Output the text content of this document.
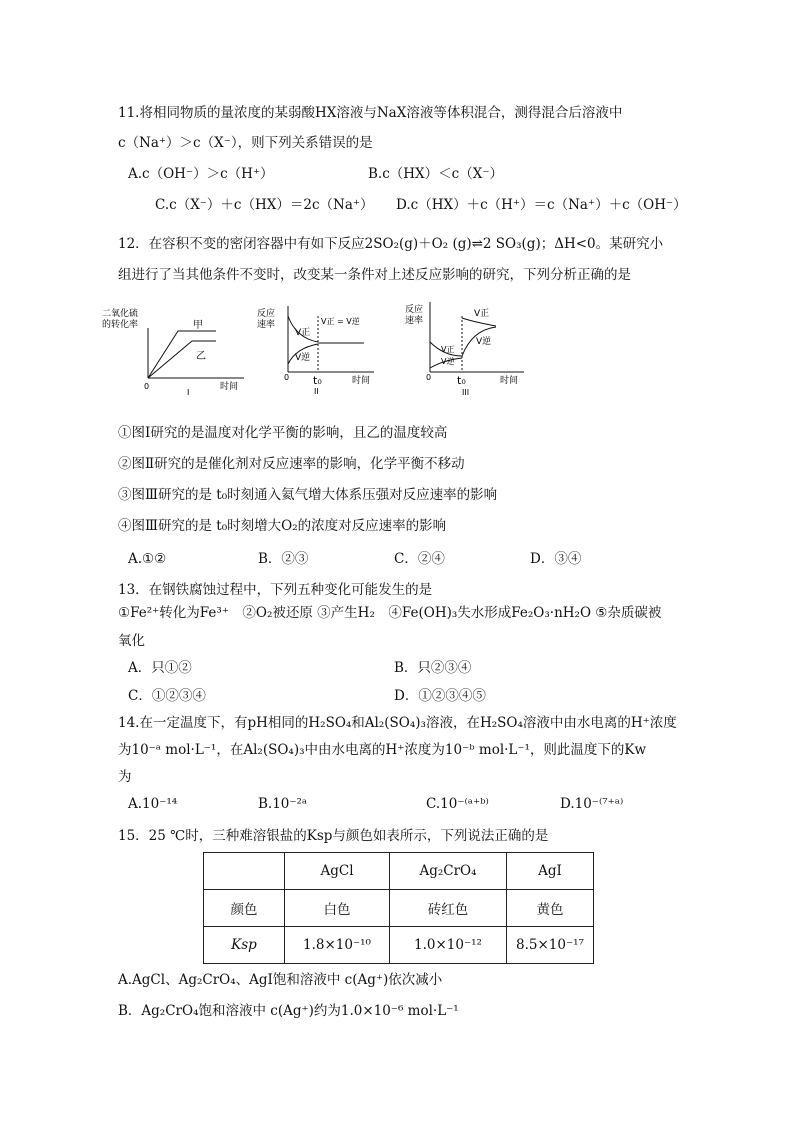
11.将相同物质的量浓度的某弱酸HX溶液与NaX溶液等体积混合，测得混合后溶液中
c（Na⁺）＞c（X⁻），则下列关系错误的是
A.c（OH⁻）＞c（H⁺）	B.c（HX）＜c（X⁻）
C.c（X⁻）＋c（HX）＝2c（Na⁺） D.c（HX）＋c（H⁺）＝c（Na⁺）＋c（OH⁻）
12．在容积不变的密闭容器中有如下反应2SO₂(g)＋O₂ (g)⇌2 SO₃(g)；ΔH<0。某研究小
组进行了当其他条件不变时，改变某一条件对上述反应影响的研究，下列分析正确的是
二氧化硫
的转化率	甲
乙
0	时间
I
反应
速率
V正
V逆
V正 = V逆
0 t₀	时间
II
反应
速率
V正
V逆
V正
V逆
0 t₀	时间
III
①图Ⅰ研究的是温度对化学平衡的影响，且乙的温度较高
②图Ⅱ研究的是催化剂对反应速率的影响，化学平衡不移动
③图Ⅲ研究的是 t₀时刻通入氦气增大体系压强对反应速率的影响
④图Ⅲ研究的是 t₀时刻增大O₂的浓度对反应速率的影响
A.①②	B．②③	C．②④	D．③④
13．在钢铁腐蚀过程中，下列五种变化可能发生的是
①Fe²⁺转化为Fe³⁺　②O₂被还原 ③产生H₂　④Fe(OH)₃失水形成Fe₂O₃·nH₂O ⑤杂质碳被
氧化
A．只①②	B．只②③④
C．①②③④	D．①②③④⑤
14.在一定温度下，有pH相同的H₂SO₄和Al₂(SO₄)₃溶液，在H₂SO₄溶液中由水电离的H⁺浓度
为10⁻ᵃ mol·L⁻¹，在Al₂(SO₄)₃中由水电离的H⁺浓度为10⁻ᵇ mol·L⁻¹，则此温度下的Kw
为
A.10⁻¹⁴	B.10⁻²ᵃ	C.10⁻⁽ᵃ⁺ᵇ⁾	D.10⁻⁽⁷⁺ᵃ⁾
15．25 ℃时，三种难溶银盐的Ksp与颜色如表所示，下列说法正确的是
	AgCl	Ag₂CrO₄	AgI
颜色	白色	砖红色	黄色
Ksp	1.8×10⁻¹⁰	1.0×10⁻¹²	8.5×10⁻¹⁷
A.AgCl、Ag₂CrO₄、AgI饱和溶液中 c(Ag⁺)依次减小
B．Ag₂CrO₄饱和溶液中 c(Ag⁺)约为1.0×10⁻⁶ mol·L⁻¹
